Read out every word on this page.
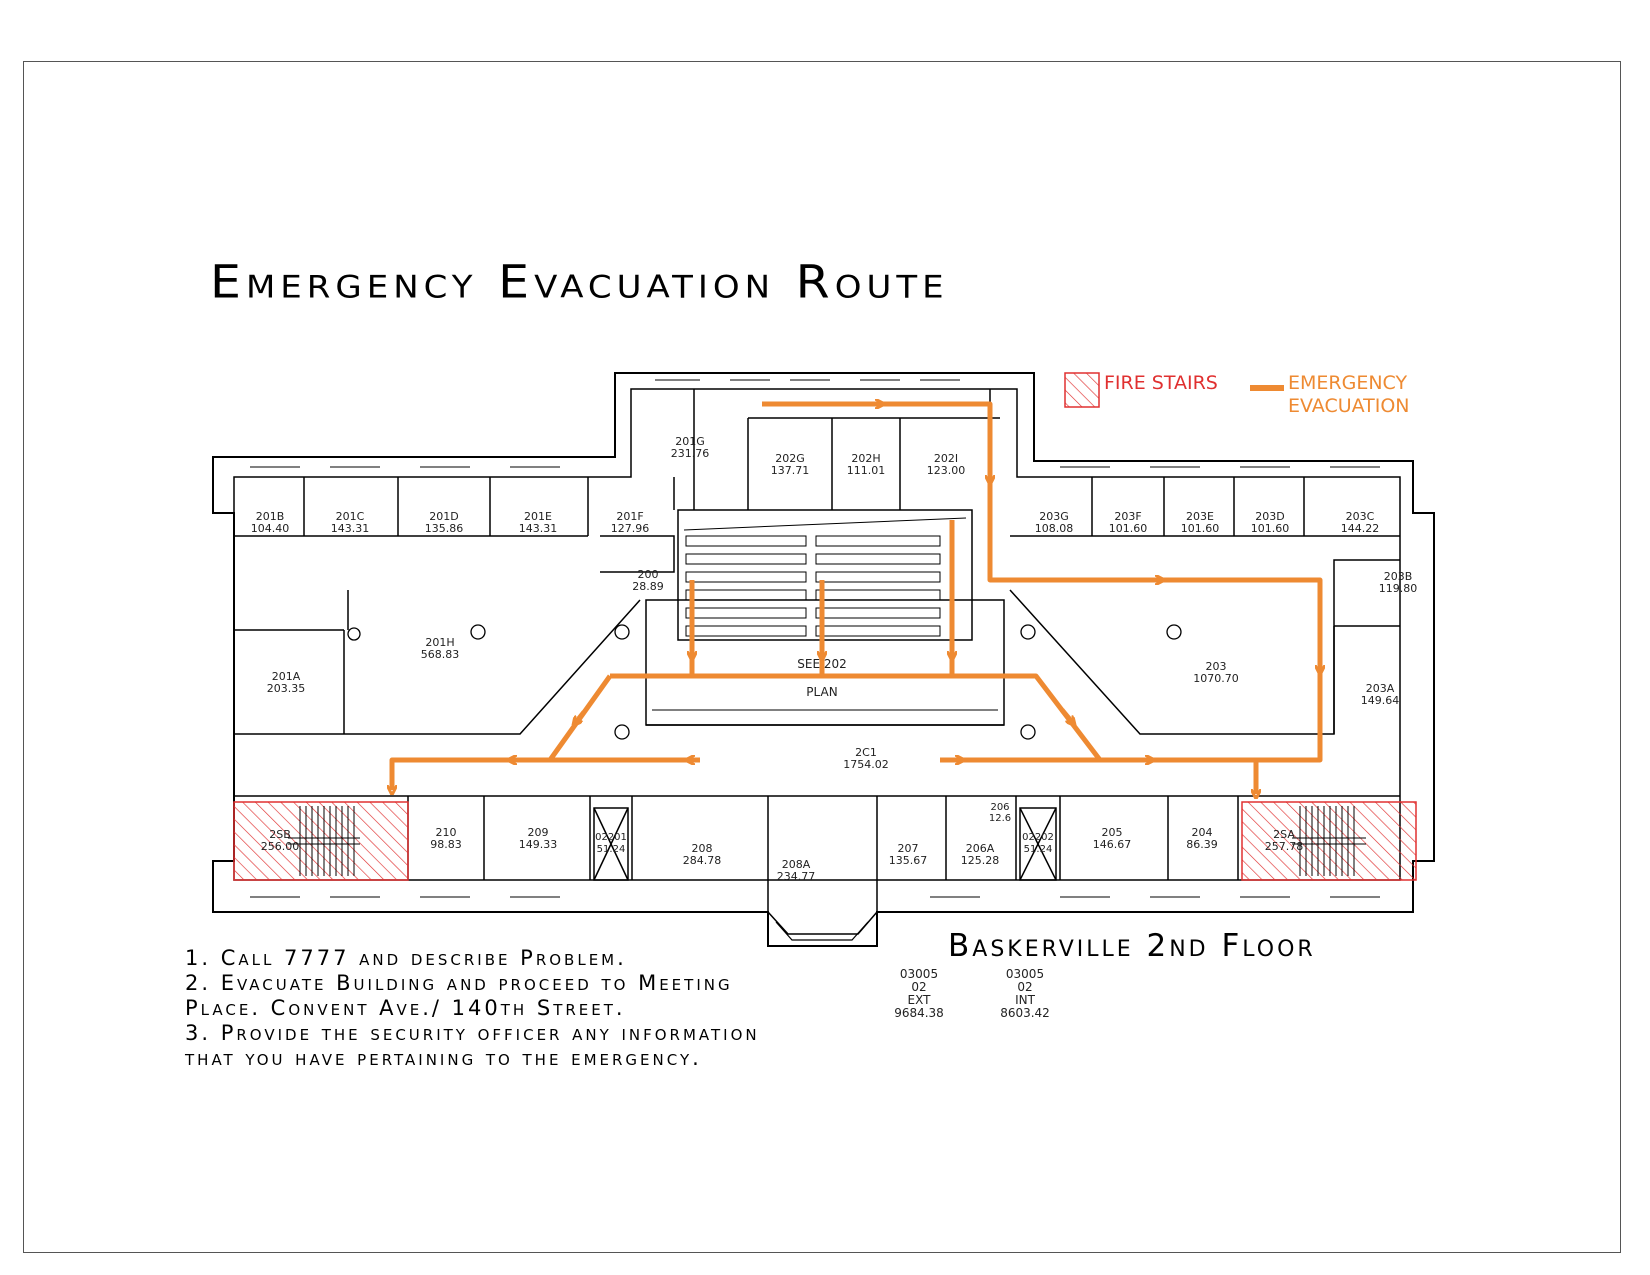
Emergency Evacuation Route
201G 231.76	202G 137.71
202H 111.01
202I 123.00
201B 104.40
201C 143.31
201D 135.86
201E 143.31
201F 127.96
200 28.89
201H 568.83
201A 203.35
203G 108.08
203F 101.60
203E 101.60
203D 101.60
203C 144.22
203B 119.80
203 1070.70
203A 149.64
SEE 202 PLAN
2C1 1754.02
2SB 256.00
210 98.83
209 149.33
02201 51.24	208 284.78	208A 234.77
207 135.67
206A 125.28
206 12.6
02202 51.24
205 146.67
204 86.39
2SA 257.78
FIRE STAIRS	EMERGENCY
EVACUATION
Baskerville 2nd Floor
1. Call 7777 and describe Problem.
2. Evacuate Building and proceed to Meeting
Place. Convent Ave./ 140th Street.
3. Provide the security officer any information
that you have pertaining to the emergency.
03005
02
EXT
9684.38
03005
02
INT
8603.42
